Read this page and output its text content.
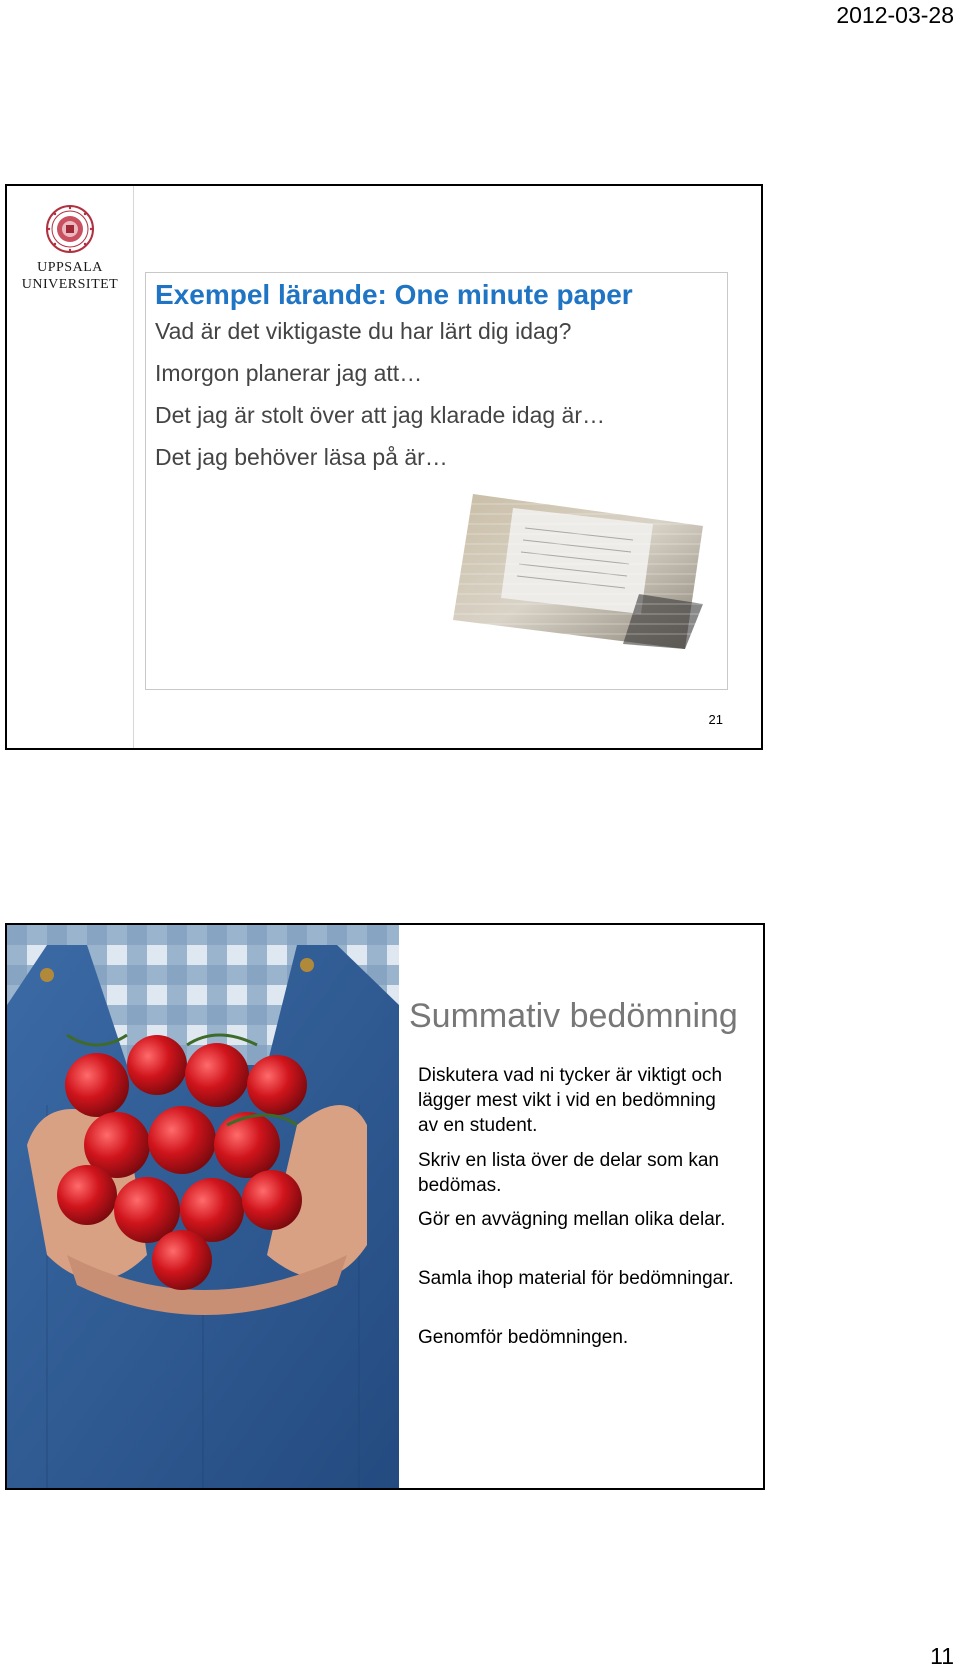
2012-03-28
UPPSALA
UNIVERSITET	Exempel lärande: One minute paper
Vad är det viktigaste du har lärt dig idag?
Imorgon planerar jag att…
Det jag är stolt över att jag klarade idag är…
Det jag behöver läsa på är…
21
Summativ bedömning
Diskutera vad ni tycker är viktigt och lägger mest vikt i vid en bedömning av en student.
Skriv en lista över de delar som kan bedömas.
Gör en avvägning mellan olika delar.
Samla ihop material för bedömningar.
Genomför bedömningen.
11
